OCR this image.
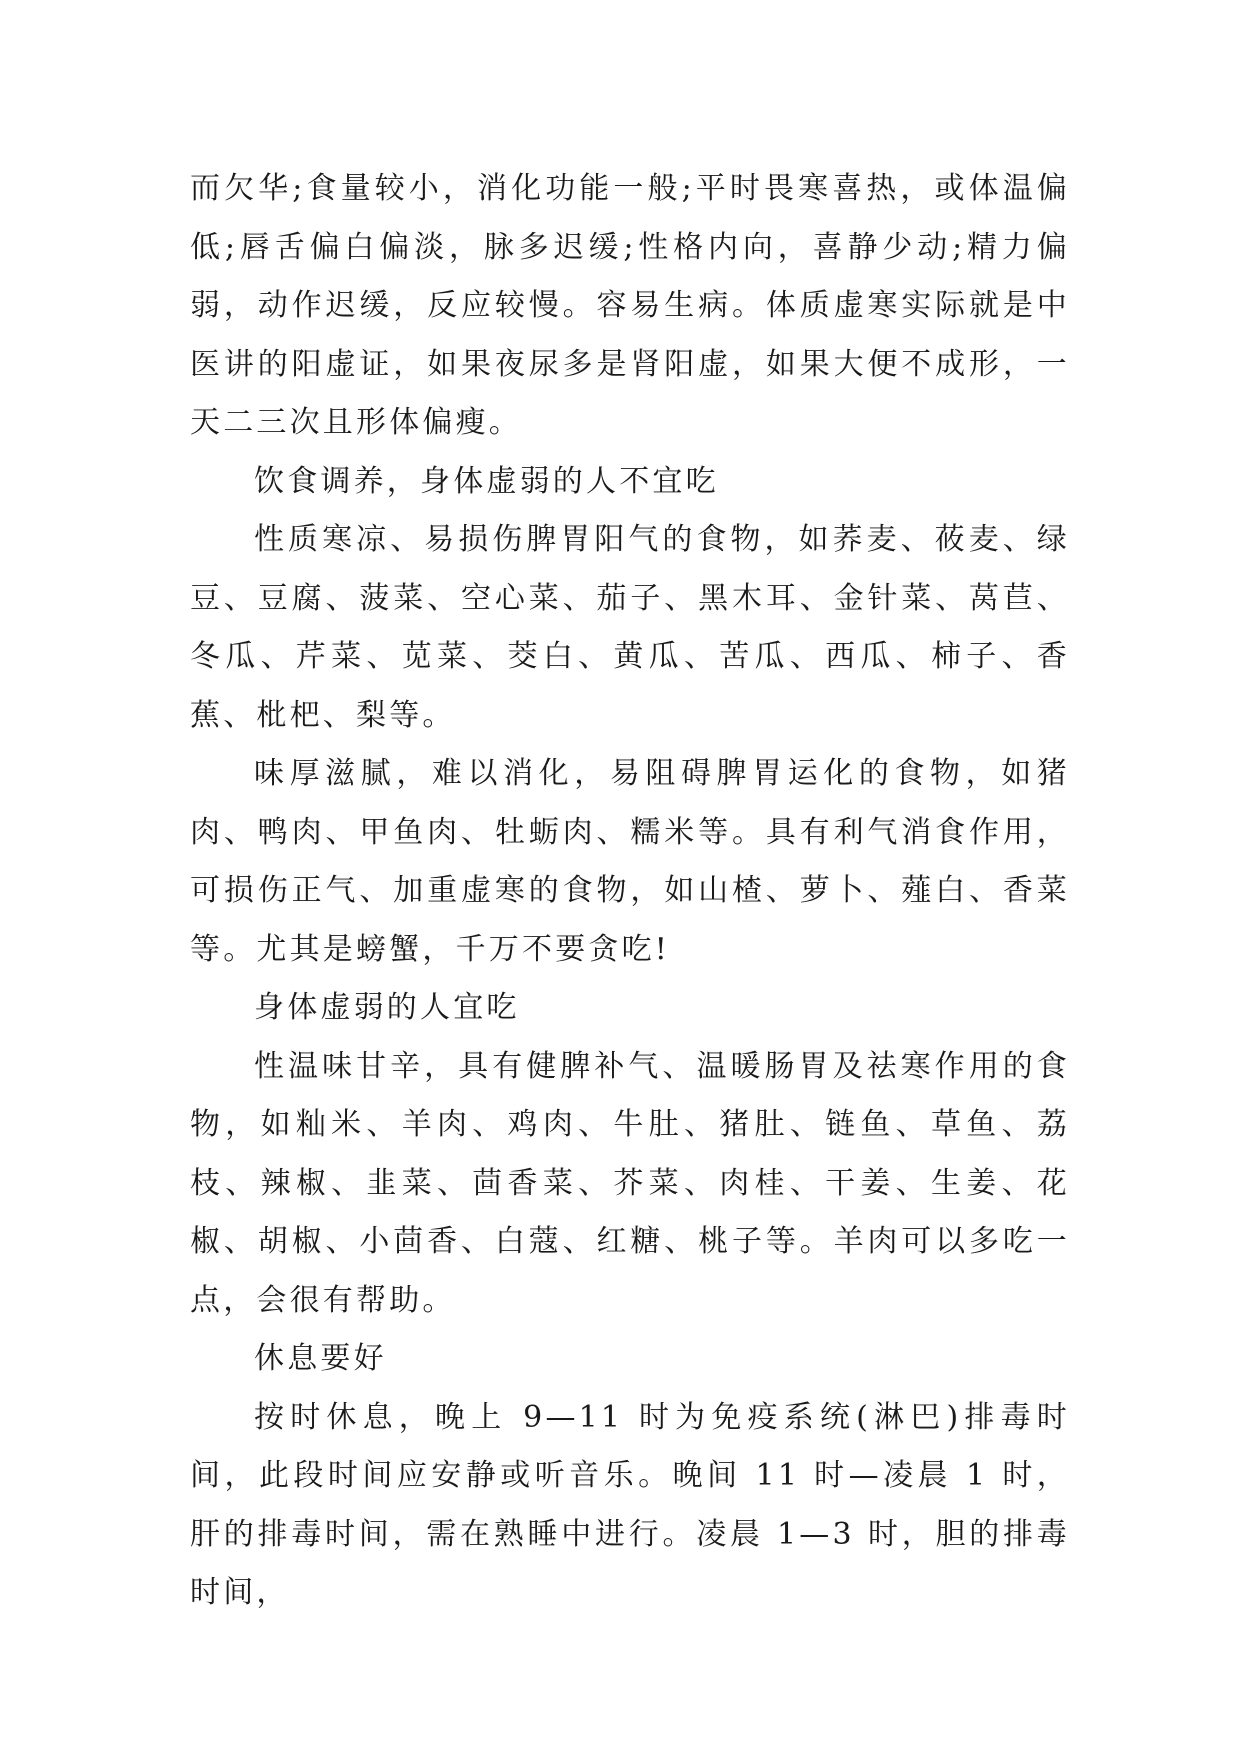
而欠华;食量较小，消化功能一般;平时畏寒喜热，或体温偏低;唇舌偏白偏淡，脉多迟缓;性格内向，喜静少动;精力偏弱，动作迟缓，反应较慢。容易生病。体质虚寒实际就是中医讲的阳虚证，如果夜尿多是肾阳虚，如果大便不成形，一天二三次且形体偏瘦。

饮食调养，身体虚弱的人不宜吃

性质寒凉、易损伤脾胃阳气的食物，如荞麦、莜麦、绿豆、豆腐、菠菜、空心菜、茄子、黑木耳、金针菜、莴苣、冬瓜、芹菜、苋菜、茭白、黄瓜、苦瓜、西瓜、柿子、香蕉、枇杷、梨等。

味厚滋腻，难以消化，易阻碍脾胃运化的食物，如猪肉、鸭肉、甲鱼肉、牡蛎肉、糯米等。具有利气消食作用，可损伤正气、加重虚寒的食物，如山楂、萝卜、薤白、香菜等。尤其是螃蟹，千万不要贪吃!

身体虚弱的人宜吃

性温味甘辛，具有健脾补气、温暖肠胃及祛寒作用的食物，如籼米、羊肉、鸡肉、牛肚、猪肚、链鱼、草鱼、荔枝、辣椒、韭菜、茴香菜、芥菜、肉桂、干姜、生姜、花椒、胡椒、小茴香、白蔻、红糖、桃子等。羊肉可以多吃一点，会很有帮助。

休息要好

按时休息，晚上 9—11 时为免疫系统(淋巴)排毒时间，此段时间应安静或听音乐。晚间 11 时—凌晨 1 时，肝的排毒时间，需在熟睡中进行。凌晨 1—3 时，胆的排毒时间，
